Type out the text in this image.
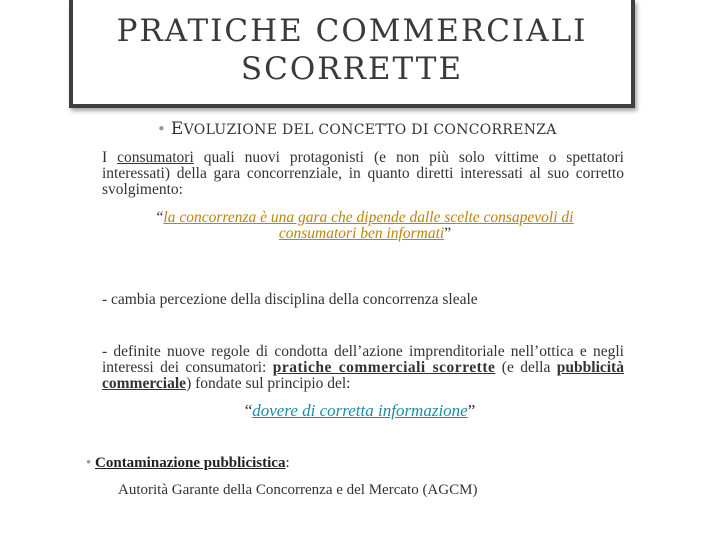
PRATICHE COMMERCIALI
SCORRETTE
• EVOLUZIONE DEL CONCETTO DI CONCORRENZA
I consumatori quali nuovi protagonisti (e non più solo vittime o spettatori interessati) della gara concorrenziale, in quanto diretti interessati al suo corretto svolgimento:
“la concorrenza è una gara che dipende dalle scelte consapevoli di consumatori ben informati”
- cambia percezione della disciplina della concorrenza sleale
- definite nuove regole di condotta dell’azione imprenditoriale nell’ottica e negli interessi dei consumatori: pratiche commerciali scorrette (e della pubblicità commerciale) fondate sul principio del:
“dovere di corretta informazione”
• Contaminazione pubblicistica:
Autorità Garante della Concorrenza e del Mercato (AGCM)
